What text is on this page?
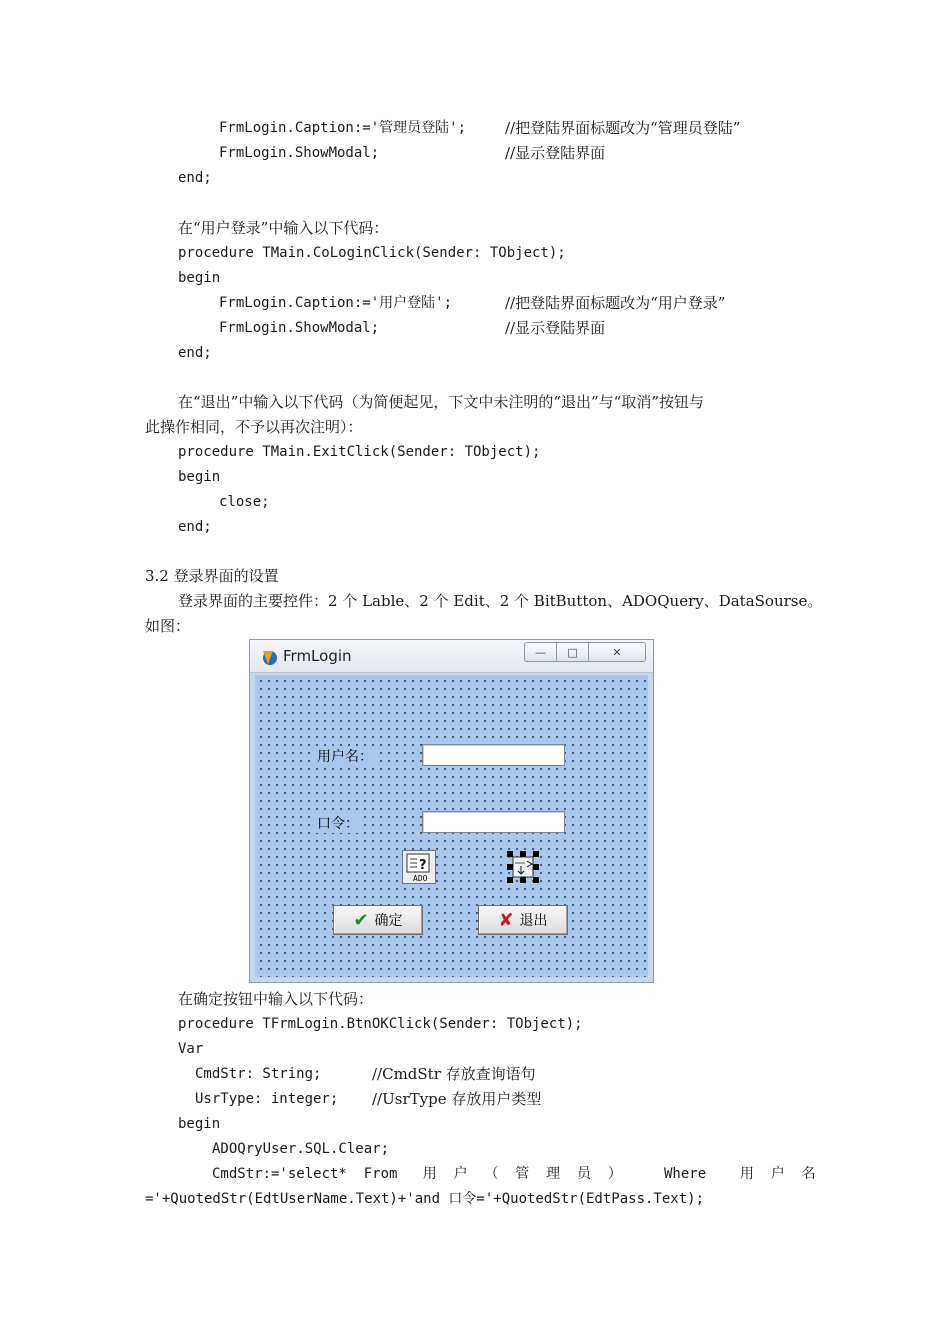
FrmLogin.Caption:='管理员登陆';	//把登陆界面标题改为“管理员登陆”
FrmLogin.ShowModal;	//显示登陆界面
end;
在“用户登录”中输入以下代码：
procedure TMain.CoLoginClick(Sender: TObject);
begin
FrmLogin.Caption:='用户登陆';	//把登陆界面标题改为“用户登录”
FrmLogin.ShowModal;	//显示登陆界面
end;
在“退出”中输入以下代码（为简便起见，下文中未注明的“退出”与“取消”按钮与
此操作相同，不予以再次注明）：
procedure TMain.ExitClick(Sender: TObject);
begin
close;
end;
3.2 登录界面的设置
登录界面的主要控件：2 个 Lable、2 个 Edit、2 个 BitButton、ADOQuery、DataSourse。
如图：
在确定按钮中输入以下代码：
procedure TFrmLogin.BtnOKClick(Sender: TObject);
Var
CmdStr: String;	//CmdStr 存放查询语句
UsrType: integer; //UsrType 存放用户类型
begin
ADOQryUser.SQL.Clear;
CmdStr:='select*  From   用  户  （  管  理  员  ）     Where    用  户  名
='+QuotedStr(EdtUserName.Text)+'and 口令='+QuotedStr(EdtPass.Text);
FrmLogin	— □	✕
用户名：
口令：
?
ADO
✔ 确定	✘ 退出
